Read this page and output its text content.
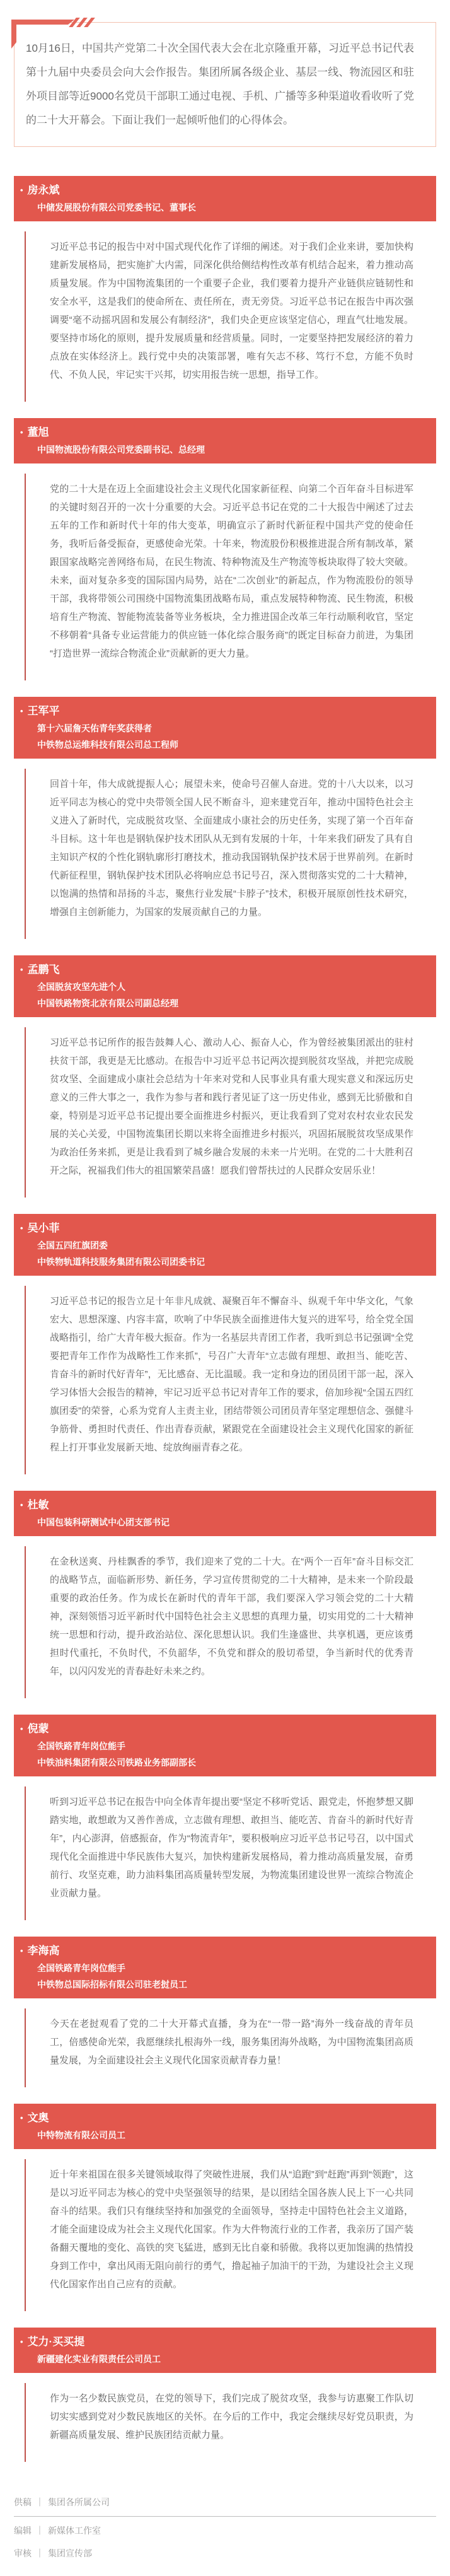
10月16日，中国共产党第二十次全国代表大会在北京隆重开幕，习近平总书记代表第十九届中央委员会向大会作报告。集团所属各级企业、基层一线、物流园区和驻外项目部等近9000名党员干部职工通过电视、手机、广播等多种渠道收看收听了党的二十大开幕会。下面让我们一起倾听他们的心得体会。

• 房永斌
中储发展股份有限公司党委书记、董事长
习近平总书记的报告中对中国式现代化作了详细的阐述。对于我们企业来讲，要加快构建新发展格局，把实施扩大内需，同深化供给侧结构性改革有机结合起来，着力推动高质量发展。作为中国物流集团的一个重要子企业，我们要着力提升产业链供应链韧性和安全水平，这是我们的使命所在、责任所在，责无旁贷。习近平总书记在报告中再次强调要“毫不动摇巩固和发展公有制经济”，我们央企更应该坚定信心，理直气壮地发展。要坚持市场化的原则，提升发展质量和经营质量。同时，一定要坚持把发展经济的着力点放在实体经济上。践行党中央的决策部署，唯有矢志不移、笃行不怠，方能不负时代、不负人民，牢记实干兴邦，切实用报告统一思想，指导工作。
• 董旭
中国物流股份有限公司党委副书记、总经理
党的二十大是在迈上全面建设社会主义现代化国家新征程、向第二个百年奋斗目标进军的关键时刻召开的一次十分重要的大会。习近平总书记在党的二十大报告中阐述了过去五年的工作和新时代十年的伟大变革，明确宣示了新时代新征程中国共产党的使命任务，我听后备受振奋，更感使命光荣。十年来，物流股份积极推进混合所有制改革，紧跟国家战略完善网络布局，在民生物流、特种物流及生产物流等板块取得了较大突破。未来，面对复杂多变的国际国内局势，站在“二次创业”的新起点，作为物流股份的领导干部，我将带领公司围绕中国物流集团战略布局，重点发展特种物流、民生物流，积极培育生产物流、智能物流装备等业务板块，全力推进国企改革三年行动顺利收官，坚定不移朝着“具备专业运营能力的供应链一体化综合服务商”的既定目标奋力前进，为集团“打造世界一流综合物流企业”贡献新的更大力量。
• 王军平
第十六届詹天佑青年奖获得者
中铁物总运维科技有限公司总工程师
回首十年，伟大成就提振人心；展望未来，使命号召催人奋进。党的十八大以来，以习近平同志为核心的党中央带领全国人民不断奋斗，迎来建党百年，推动中国特色社会主义进入了新时代，完成脱贫攻坚、全面建成小康社会的历史任务，实现了第一个百年奋斗目标。这十年也是钢轨保护技术团队从无到有发展的十年，十年来我们研发了具有自主知识产权的个性化钢轨廓形打磨技术，推动我国钢轨保护技术居于世界前列。在新时代新征程里，钢轨保护技术团队必将响应总书记号召，深入贯彻落实党的二十大精神，以饱满的热情和昂扬的斗志，聚焦行业发展“卡脖子”技术，积极开展原创性技术研究，增强自主创新能力，为国家的发展贡献自己的力量。
• 孟鹏飞
全国脱贫攻坚先进个人
中国铁路物资北京有限公司副总经理
习近平总书记所作的报告鼓舞人心、激动人心、振奋人心，作为曾经被集团派出的驻村扶贫干部，我更是无比感动。在报告中习近平总书记两次提到脱贫攻坚战，并把完成脱贫攻坚、全面建成小康社会总结为十年来对党和人民事业具有重大现实意义和深远历史意义的三件大事之一，我作为参与者和践行者见证了这一历史伟业，感到无比骄傲和自豪，特别是习近平总书记提出要全面推进乡村振兴，更让我看到了党对农村农业农民发展的关心关爱，中国物流集团长期以来将全面推进乡村振兴，巩固拓展脱贫攻坚成果作为政治任务来抓，更是让我看到了城乡融合发展的未来一片光明。在党的二十大胜利召开之际，祝福我们伟大的祖国繁荣昌盛！愿我们曾帮扶过的人民群众安居乐业！
• 吴小菲
全国五四红旗团委
中铁物轨道科技服务集团有限公司团委书记
习近平总书记的报告立足十年非凡成就、凝聚百年不懈奋斗、纵观千年中华文化，气象宏大、思想深邃、内容丰富，吹响了中华民族全面推进伟大复兴的进军号，给全党全国战略指引，给广大青年极大振奋。作为一名基层共青团工作者，我听到总书记强调“全党要把青年工作作为战略性工作来抓”，号召广大青年“立志做有理想、敢担当、能吃苦、肯奋斗的新时代好青年”，无比感奋、无比温暖。我一定和身边的团员团干部一起，深入学习体悟大会报告的精神，牢记习近平总书记对青年工作的要求，倍加珍视“全国五四红旗团委”的荣誉，心系为党育人主责主业，团结带领公司团员青年坚定理想信念、强健斗争筋骨、勇担时代责任、作出青春贡献，紧跟党在全面建设社会主义现代化国家的新征程上打开事业发展新天地、绽放绚丽青春之花。
• 杜敏
中国包装科研测试中心团支部书记
在金秋送爽、丹桂飘香的季节，我们迎来了党的二十大。在“两个一百年”奋斗目标交汇的战略节点，面临新形势、新任务，学习宣传贯彻党的二十大精神，是未来一个阶段最重要的政治任务。作为成长在新时代的青年干部，我们要深入学习领会党的二十大精神，深刻领悟习近平新时代中国特色社会主义思想的真理力量，切实用党的二十大精神统一思想和行动，提升政治站位、深化思想认识。我们生逢盛世、共享机遇，更应该勇担时代重托，不负时代，不负韶华，不负党和群众的殷切希望，争当新时代的优秀青年，以闪闪发光的青春赴好未来之约。
• 倪蒙
全国铁路青年岗位能手
中铁油料集团有限公司铁路业务部副部长
听到习近平总书记在报告中向全体青年提出要“坚定不移听党话、跟党走，怀抱梦想又脚踏实地，敢想敢为又善作善成，立志做有理想、敢担当、能吃苦、肯奋斗的新时代好青年”，内心澎湃，倍感振奋，作为“物流青年”，要积极响应习近平总书记号召，以中国式现代化全面推进中华民族伟大复兴，加快构建新发展格局，着力推动高质量发展，奋勇前行、攻坚克难，助力油料集团高质量转型发展，为物流集团建设世界一流综合物流企业贡献力量。
• 李海高
全国铁路青年岗位能手
中铁物总国际招标有限公司驻老挝员工
今天在老挝观看了党的二十大开幕式直播，身为在“一带一路”海外一线奋战的青年员工，倍感使命光荣，我愿继续扎根海外一线，服务集团海外战略，为中国物流集团高质量发展，为全面建设社会主义现代化国家贡献青春力量！
• 文奥
中特物流有限公司员工
近十年来祖国在很多关键领域取得了突破性进展，我们从“追跑”到“赶跑”再到“领跑”，这是以习近平同志为核心的党中央坚强领导的结果，是以团结全国各族人民上下一心共同奋斗的结果。我们只有继续坚持和加强党的全面领导，坚持走中国特色社会主义道路，才能全面建设成为社会主义现代化国家。作为大件物流行业的工作者，我亲历了国产装备翻天覆地的变化、高铁的突飞猛进，感到无比自豪和骄傲。我将以更加饱满的热情投身到工作中，拿出风雨无阻向前行的勇气，撸起袖子加油干的干劲，为建设社会主义现代化国家作出自己应有的贡献。
• 艾力·买买提
新疆建化实业有限责任公司员工
作为一名少数民族党员，在党的领导下，我们完成了脱贫攻坚，我参与访惠聚工作队切切实实感到党对少数民族地区的关怀。在今后的工作中，我定会继续尽好党员职责，为新疆高质量发展、维护民族团结贡献力量。
供稿 ｜ 集团各所属公司
编辑 ｜ 新媒体工作室
审核 ｜ 集团宣传部
